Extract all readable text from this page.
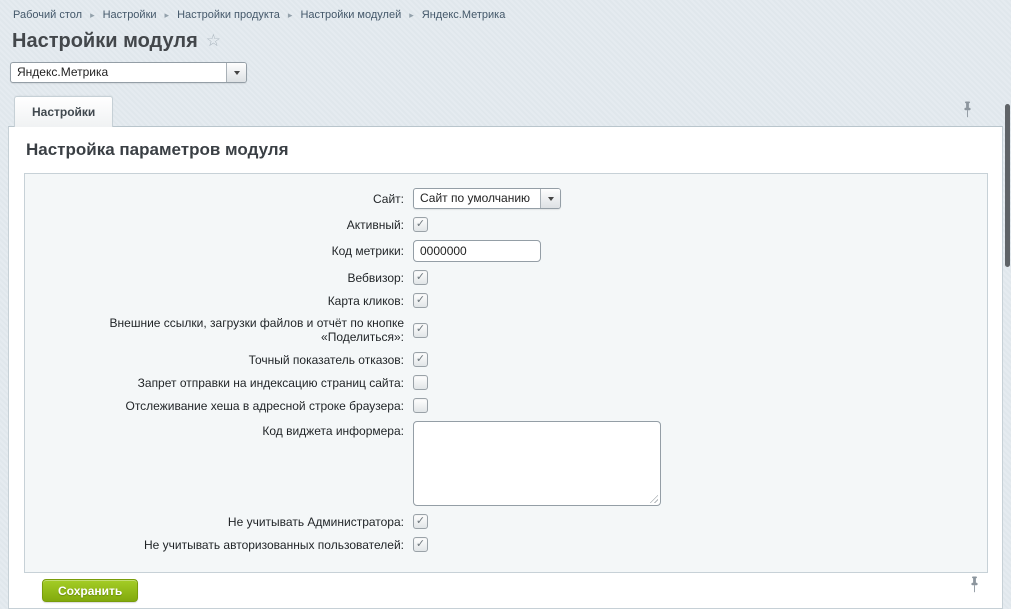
Рабочий стол ▸ Настройки ▸ Настройки продукта ▸ Настройки модулей ▸ Яндекс.Метрика
Настройки модуля ☆
Яндекс.Метрика
Настройки
Настройка параметров модуля
Сайт:	Сайт по умолчанию
Активный:	✓
Код метрики:
0000000
Вебвизор:	✓
Карта кликов:	✓
Внешние ссылки, загрузки файлов и отчёт по кнопке «Поделиться»:
✓
Точный показатель отказов:	✓
Запрет отправки на индексацию страниц сайта:
Отслеживание хеша в адресной строке браузера:
Код виджета информера:
Не учитывать Администратора:	✓
Не учитывать авторизованных пользователей:	✓
Сохранить
